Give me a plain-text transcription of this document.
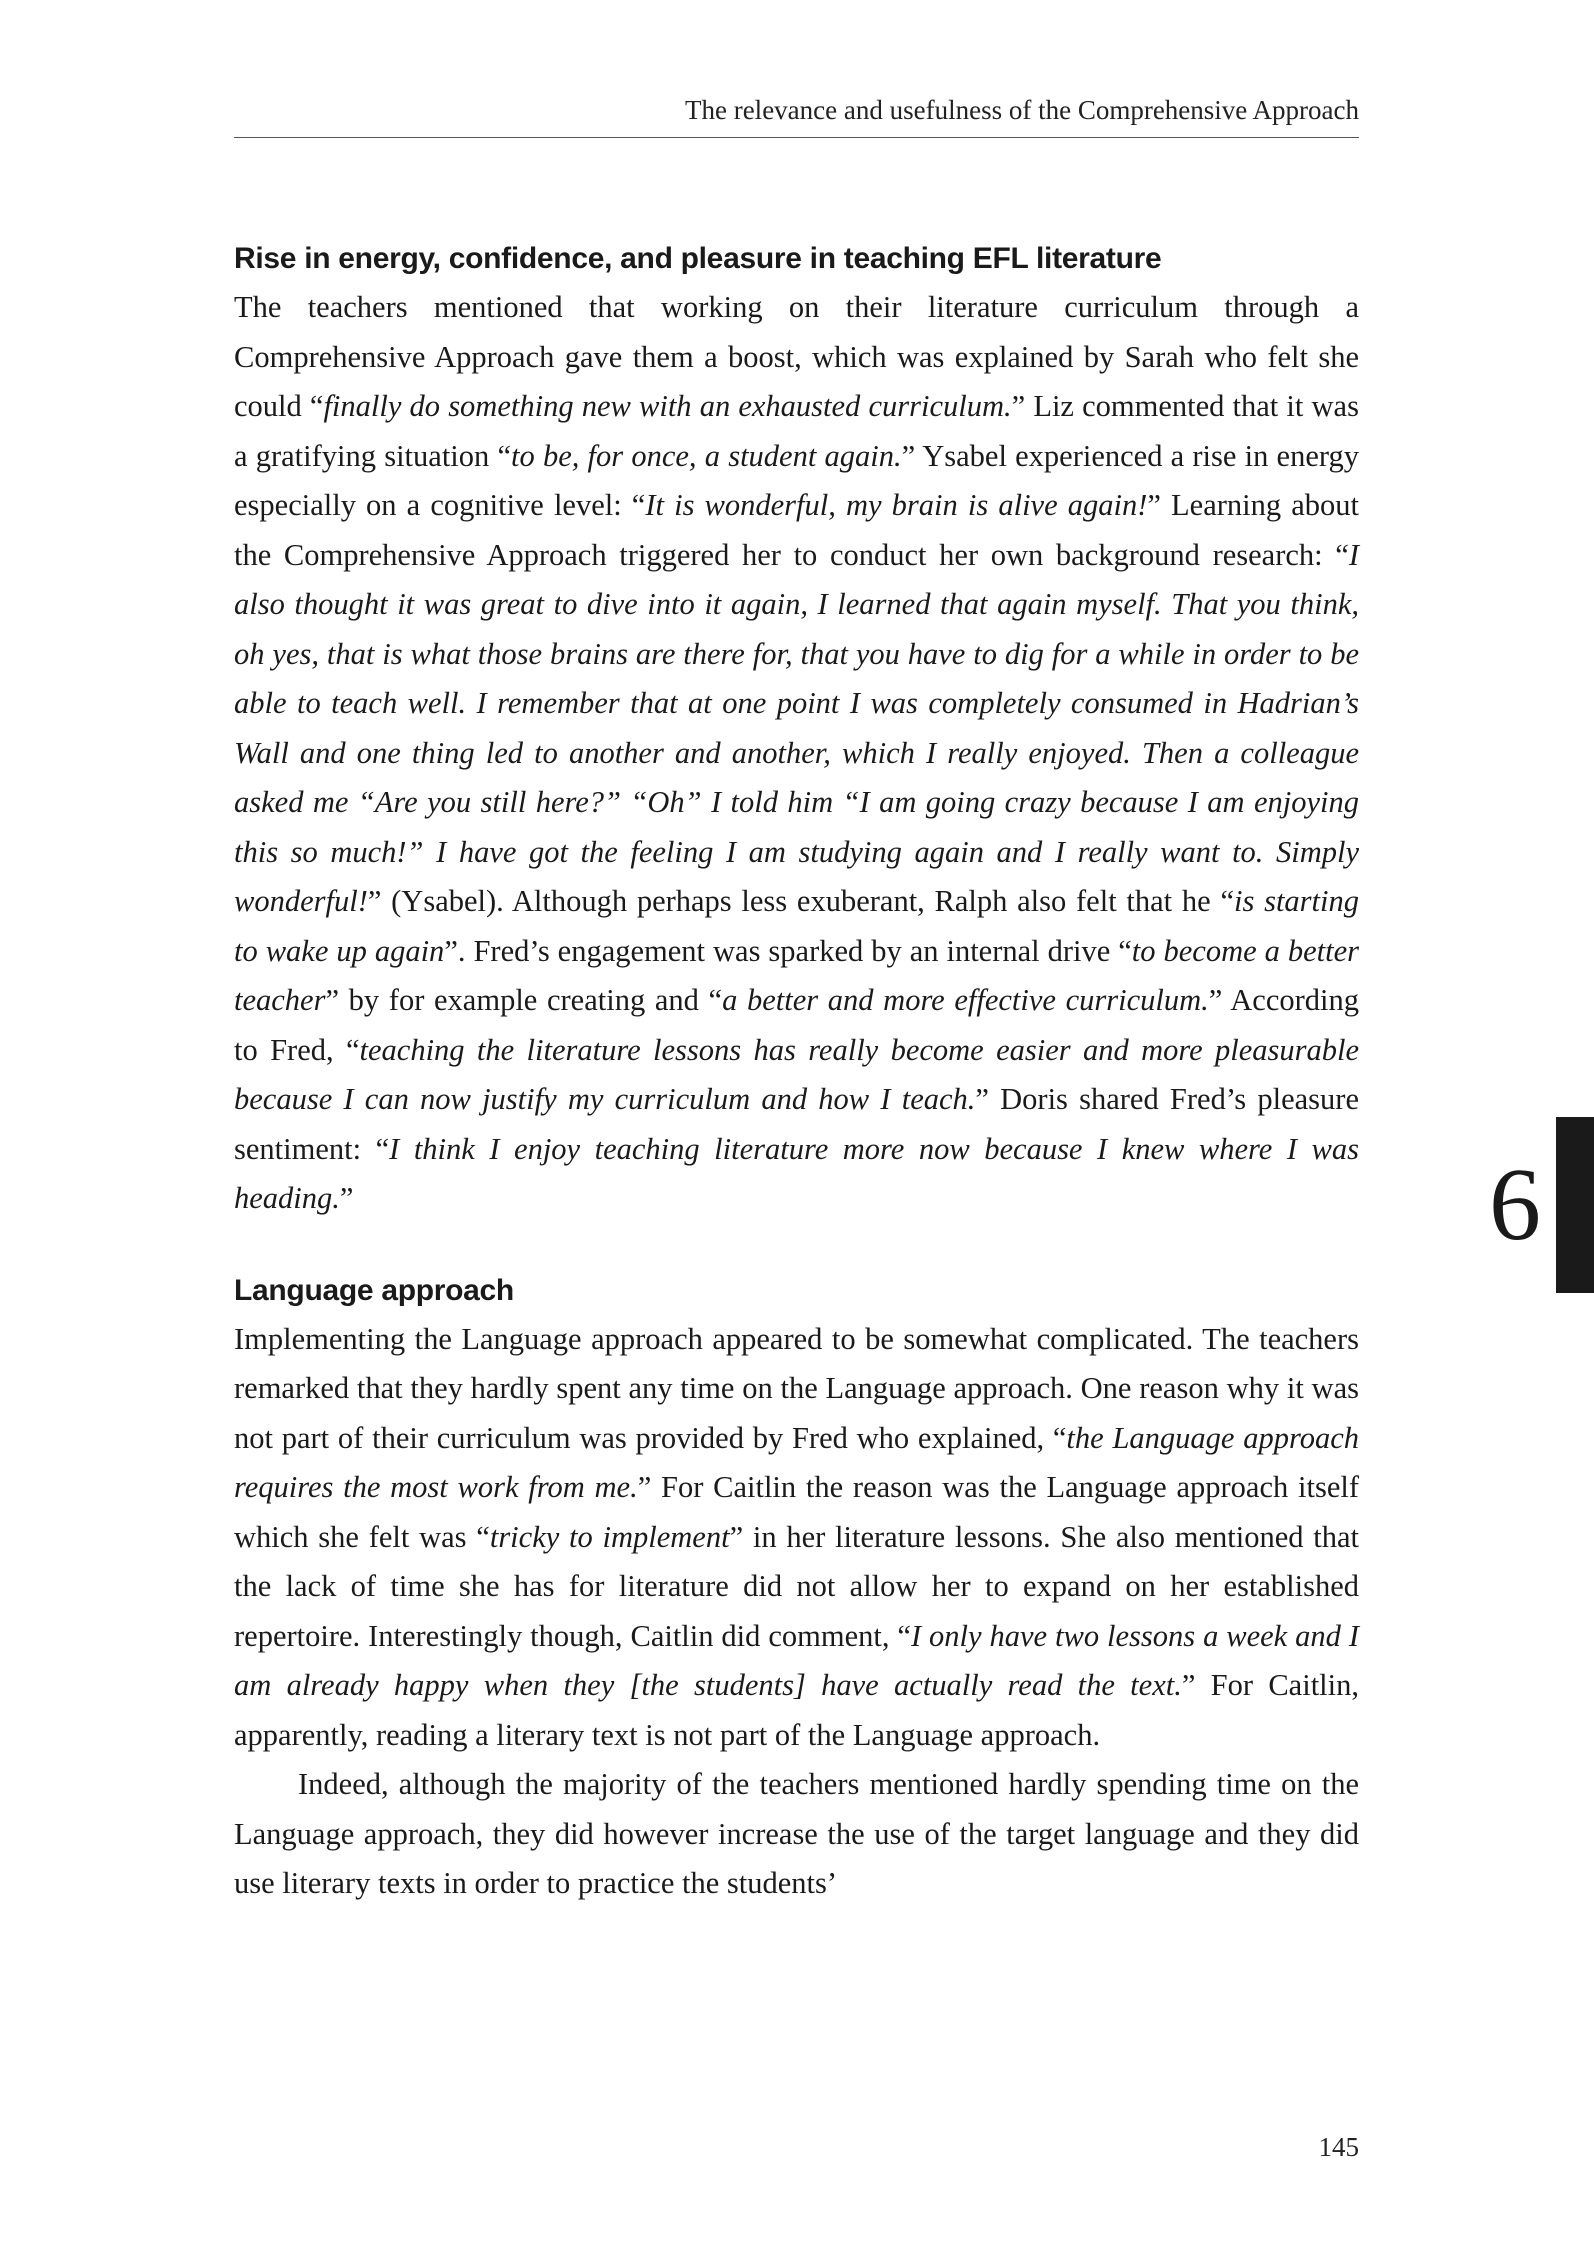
The relevance and usefulness of the Comprehensive Approach
Rise in energy, confidence, and pleasure in teaching EFL literature

The teachers mentioned that working on their literature curriculum through a Comprehensive Approach gave them a boost, which was explained by Sarah who felt she could “finally do something new with an exhausted curriculum.” Liz commented that it was a gratifying situation “to be, for once, a student again.” Ysabel experienced a rise in energy especially on a cognitive level: “It is wonderful, my brain is alive again!” Learning about the Comprehensive Approach triggered her to conduct her own background research: “I also thought it was great to dive into it again, I learned that again myself. That you think, oh yes, that is what those brains are there for, that you have to dig for a while in order to be able to teach well. I remember that at one point I was completely consumed in Hadrian’s Wall and one thing led to another and another, which I really enjoyed. Then a colleague asked me “Are you still here?” “Oh” I told him “I am going crazy because I am enjoying this so much!” I have got the feeling I am studying again and I really want to. Simply wonderful!” (Ysabel). Although perhaps less exuberant, Ralph also felt that he “is starting to wake up again”. Fred’s engagement was sparked by an internal drive “to become a better teacher” by for example creating and “a better and more effective curriculum.” According to Fred, “teaching the literature lessons has really become easier and more pleasurable because I can now justify my curriculum and how I teach.” Doris shared Fred’s pleasure sentiment: “I think I enjoy teaching literature more now because I knew where I was heading.”

Language approach

Implementing the Language approach appeared to be somewhat complicated. The teachers remarked that they hardly spent any time on the Language approach. One reason why it was not part of their curriculum was provided by Fred who explained, “the Language approach requires the most work from me.” For Caitlin the reason was the Language approach itself which she felt was “tricky to implement” in her literature lessons. She also mentioned that the lack of time she has for literature did not allow her to expand on her established repertoire. Interestingly though, Caitlin did comment, “I only have two lessons a week and I am already happy when they [the students] have actually read the text.” For Caitlin, apparently, reading a literary text is not part of the Language approach.

Indeed, although the majority of the teachers mentioned hardly spending time on the Language approach, they did however increase the use of the target language and they did use literary texts in order to practice the students’

6
145
